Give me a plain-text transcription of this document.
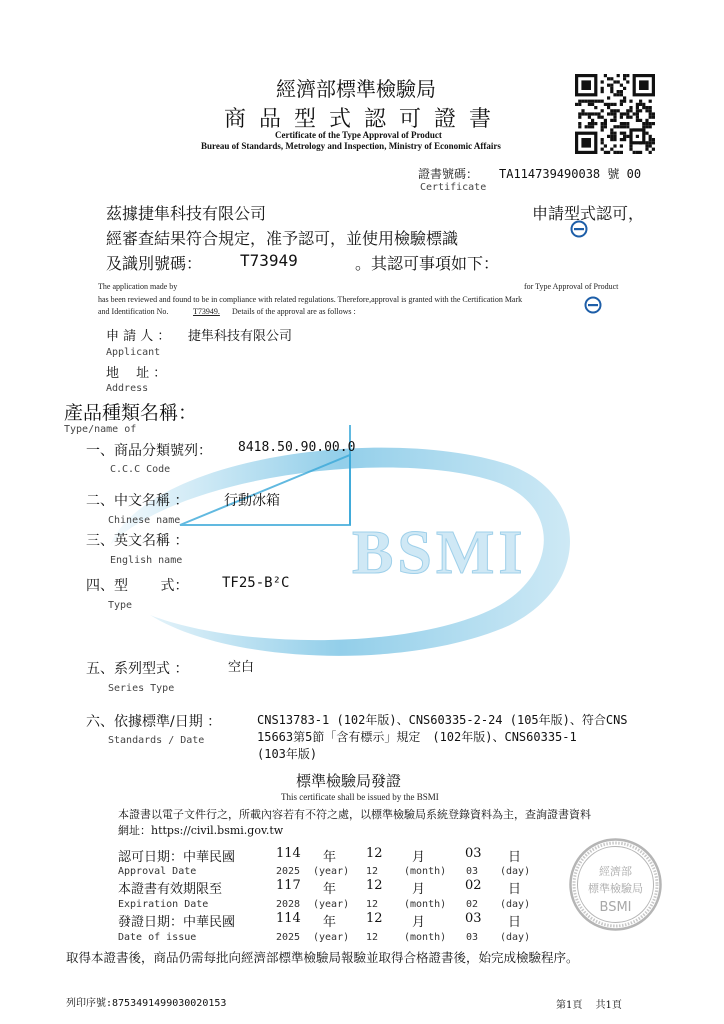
BSMI
經濟部標準檢驗局
商 品 型 式 認 可 證 書
Certificate of the Type Approval of Product
Bureau of Standards, Metrology and Inspection, Ministry of Economic Affairs
證書號碼： TA114739490038 號 00
Certificate
茲據捷隼科技有限公司	申請型式認可，
經審查結果符合規定，准予認可，並使用檢驗標識
及識別號碼： T73949	。其認可事項如下：
The application made by	for Type Approval of Product
has been reviewed and found to be in compliance with related regulations. Therefore,approval is granted with the Certification Mark
and Identification No.	T73949. Details of the approval are as follows :
申 請 人 ： 捷隼科技有限公司
Applicant
地　 址 ：
Address
產品種類名稱：
Type/name of
一、商品分類號列： 8418.50.90.00.0
C.C.C Code
二、中文名稱 ：	行動冰箱
Chinese name
三、英文名稱 ：
English name
四、型　　 式： TF25-B²C
Type
五、系列型式 ：	空白
Series Type
六、依據標準/日期 ：
Standards / Date
CNS13783-1 (102年版)、CNS60335-2-24 (105年版)、符合CNS
15663第5節「含有標示」規定　(102年版)、CNS60335-1
(103年版)
標準檢驗局發證
This certificate shall be issued by the BSMI
本證書以電子文件行之，所載內容若有不符之處，以標準檢驗局系統登錄資料為主，查詢證書資料
網址：https://civil.bsmi.gov.tw
認可日期：中華民國	114 年 12 月	03 日
Approval Date	2025 (year) 12	(month) 03 (day)
本證書有效期限至	117 年 12 月	02 日
Expiration Date	2028 (year) 12	(month) 02 (day)
發證日期：中華民國	114 年 12 月	03 日
Date of issue	2025 (year) 12	(month) 03 (day)
經濟部
標準檢驗局
BSMI
取得本證書後，商品仍需每批向經濟部標準檢驗局報驗並取得合格證書後，始完成檢驗程序。
列印序號:8753491499030020153	第1頁　 共1頁
